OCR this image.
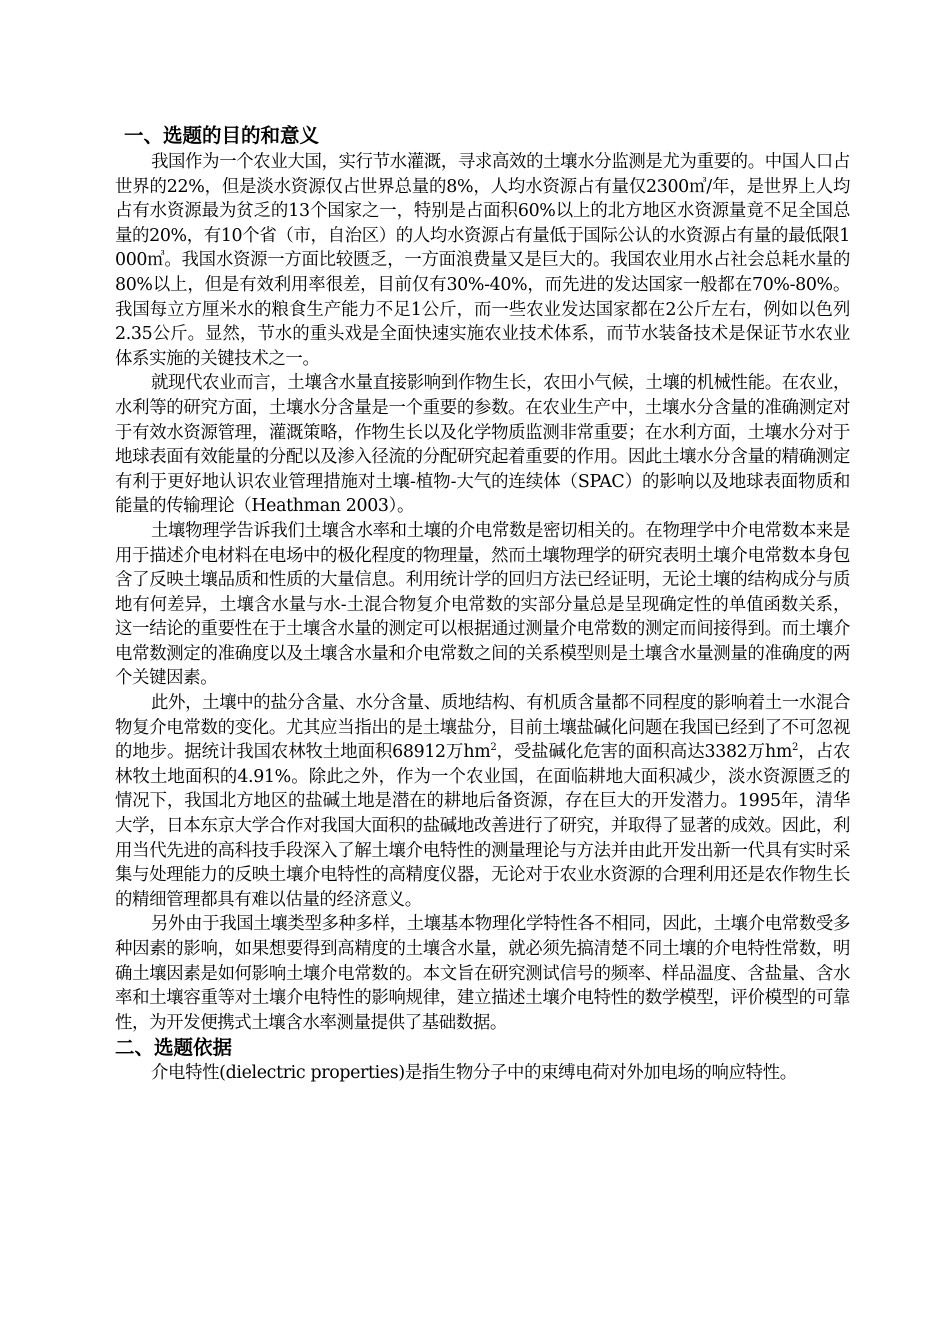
一、选题的目的和意义

我国作为一个农业大国，实行节水灌溉，寻求高效的土壤水分监测是尤为重要的。中国人口占世界的22%，但是淡水资源仅占世界总量的8%，人均水资源占有量仅2300㎥/年，是世界上人均占有水资源最为贫乏的13个国家之一，特别是占面积60%以上的北方地区水资源量竟不足全国总量的20%，有10个省（市，自治区）的人均水资源占有量低于国际公认的水资源占有量的最低限1000㎥。我国水资源一方面比较匮乏，一方面浪费量又是巨大的。我国农业用水占社会总耗水量的80%以上，但是有效利用率很差，目前仅有30%-40%，而先进的发达国家一般都在70%-80%。我国每立方厘米水的粮食生产能力不足1公斤，而一些农业发达国家都在2公斤左右，例如以色列2.35公斤。显然，节水的重头戏是全面快速实施农业技术体系，而节水装备技术是保证节水农业体系实施的关键技术之一。

就现代农业而言，土壤含水量直接影响到作物生长，农田小气候，土壤的机械性能。在农业，水利等的研究方面，土壤水分含量是一个重要的参数。在农业生产中，土壤水分含量的准确测定对于有效水资源管理，灌溉策略，作物生长以及化学物质监测非常重要；在水利方面，土壤水分对于地球表面有效能量的分配以及渗入径流的分配研究起着重要的作用。因此土壤水分含量的精确测定有利于更好地认识农业管理措施对土壤-植物-大气的连续体（SPAC）的影响以及地球表面物质和能量的传输理论（Heathman 2003）。

土壤物理学告诉我们土壤含水率和土壤的介电常数是密切相关的。在物理学中介电常数本来是用于描述介电材料在电场中的极化程度的物理量，然而土壤物理学的研究表明土壤介电常数本身包含了反映土壤品质和性质的大量信息。利用统计学的回归方法已经证明，无论土壤的结构成分与质地有何差异，土壤含水量与水-土混合物复介电常数的实部分量总是呈现确定性的单值函数关系，这一结论的重要性在于土壤含水量的测定可以根据通过测量介电常数的测定而间接得到。而土壤介电常数测定的准确度以及土壤含水量和介电常数之间的关系模型则是土壤含水量测量的准确度的两个关键因素。

此外，土壤中的盐分含量、水分含量、质地结构、有机质含量都不同程度的影响着土一水混合物复介电常数的变化。尤其应当指出的是土壤盐分，目前土壤盐碱化问题在我国已经到了不可忽视的地步。据统计我国农林牧土地面积68912万$hm^2$，受盐碱化危害的面积高达3382万$hm^2$，占农林牧土地面积的4.91%。除此之外，作为一个农业国，在面临耕地大面积减少，淡水资源匮乏的情况下，我国北方地区的盐碱土地是潜在的耕地后备资源，存在巨大的开发潜力。1995年，清华大学，日本东京大学合作对我国大面积的盐碱地改善进行了研究，并取得了显著的成效。因此，利用当代先进的高科技手段深入了解土壤介电特性的测量理论与方法并由此开发出新一代具有实时采集与处理能力的反映土壤介电特性的高精度仪器，无论对于农业水资源的合理利用还是农作物生长的精细管理都具有难以估量的经济意义。

另外由于我国土壤类型多种多样，土壤基本物理化学特性各不相同，因此，土壤介电常数受多种因素的影响，如果想要得到高精度的土壤含水量，就必须先搞清楚不同土壤的介电特性常数，明确土壤因素是如何影响土壤介电常数的。本文旨在研究测试信号的频率、样品温度、含盐量、含水率和土壤容重等对土壤介电特性的影响规律，建立描述土壤介电特性的数学模型，评价模型的可靠性，为开发便携式土壤含水率测量提供了基础数据。

二、选题依据

介电特性(dielectric properties)是指生物分子中的束缚电荷对外加电场的响应特性。
